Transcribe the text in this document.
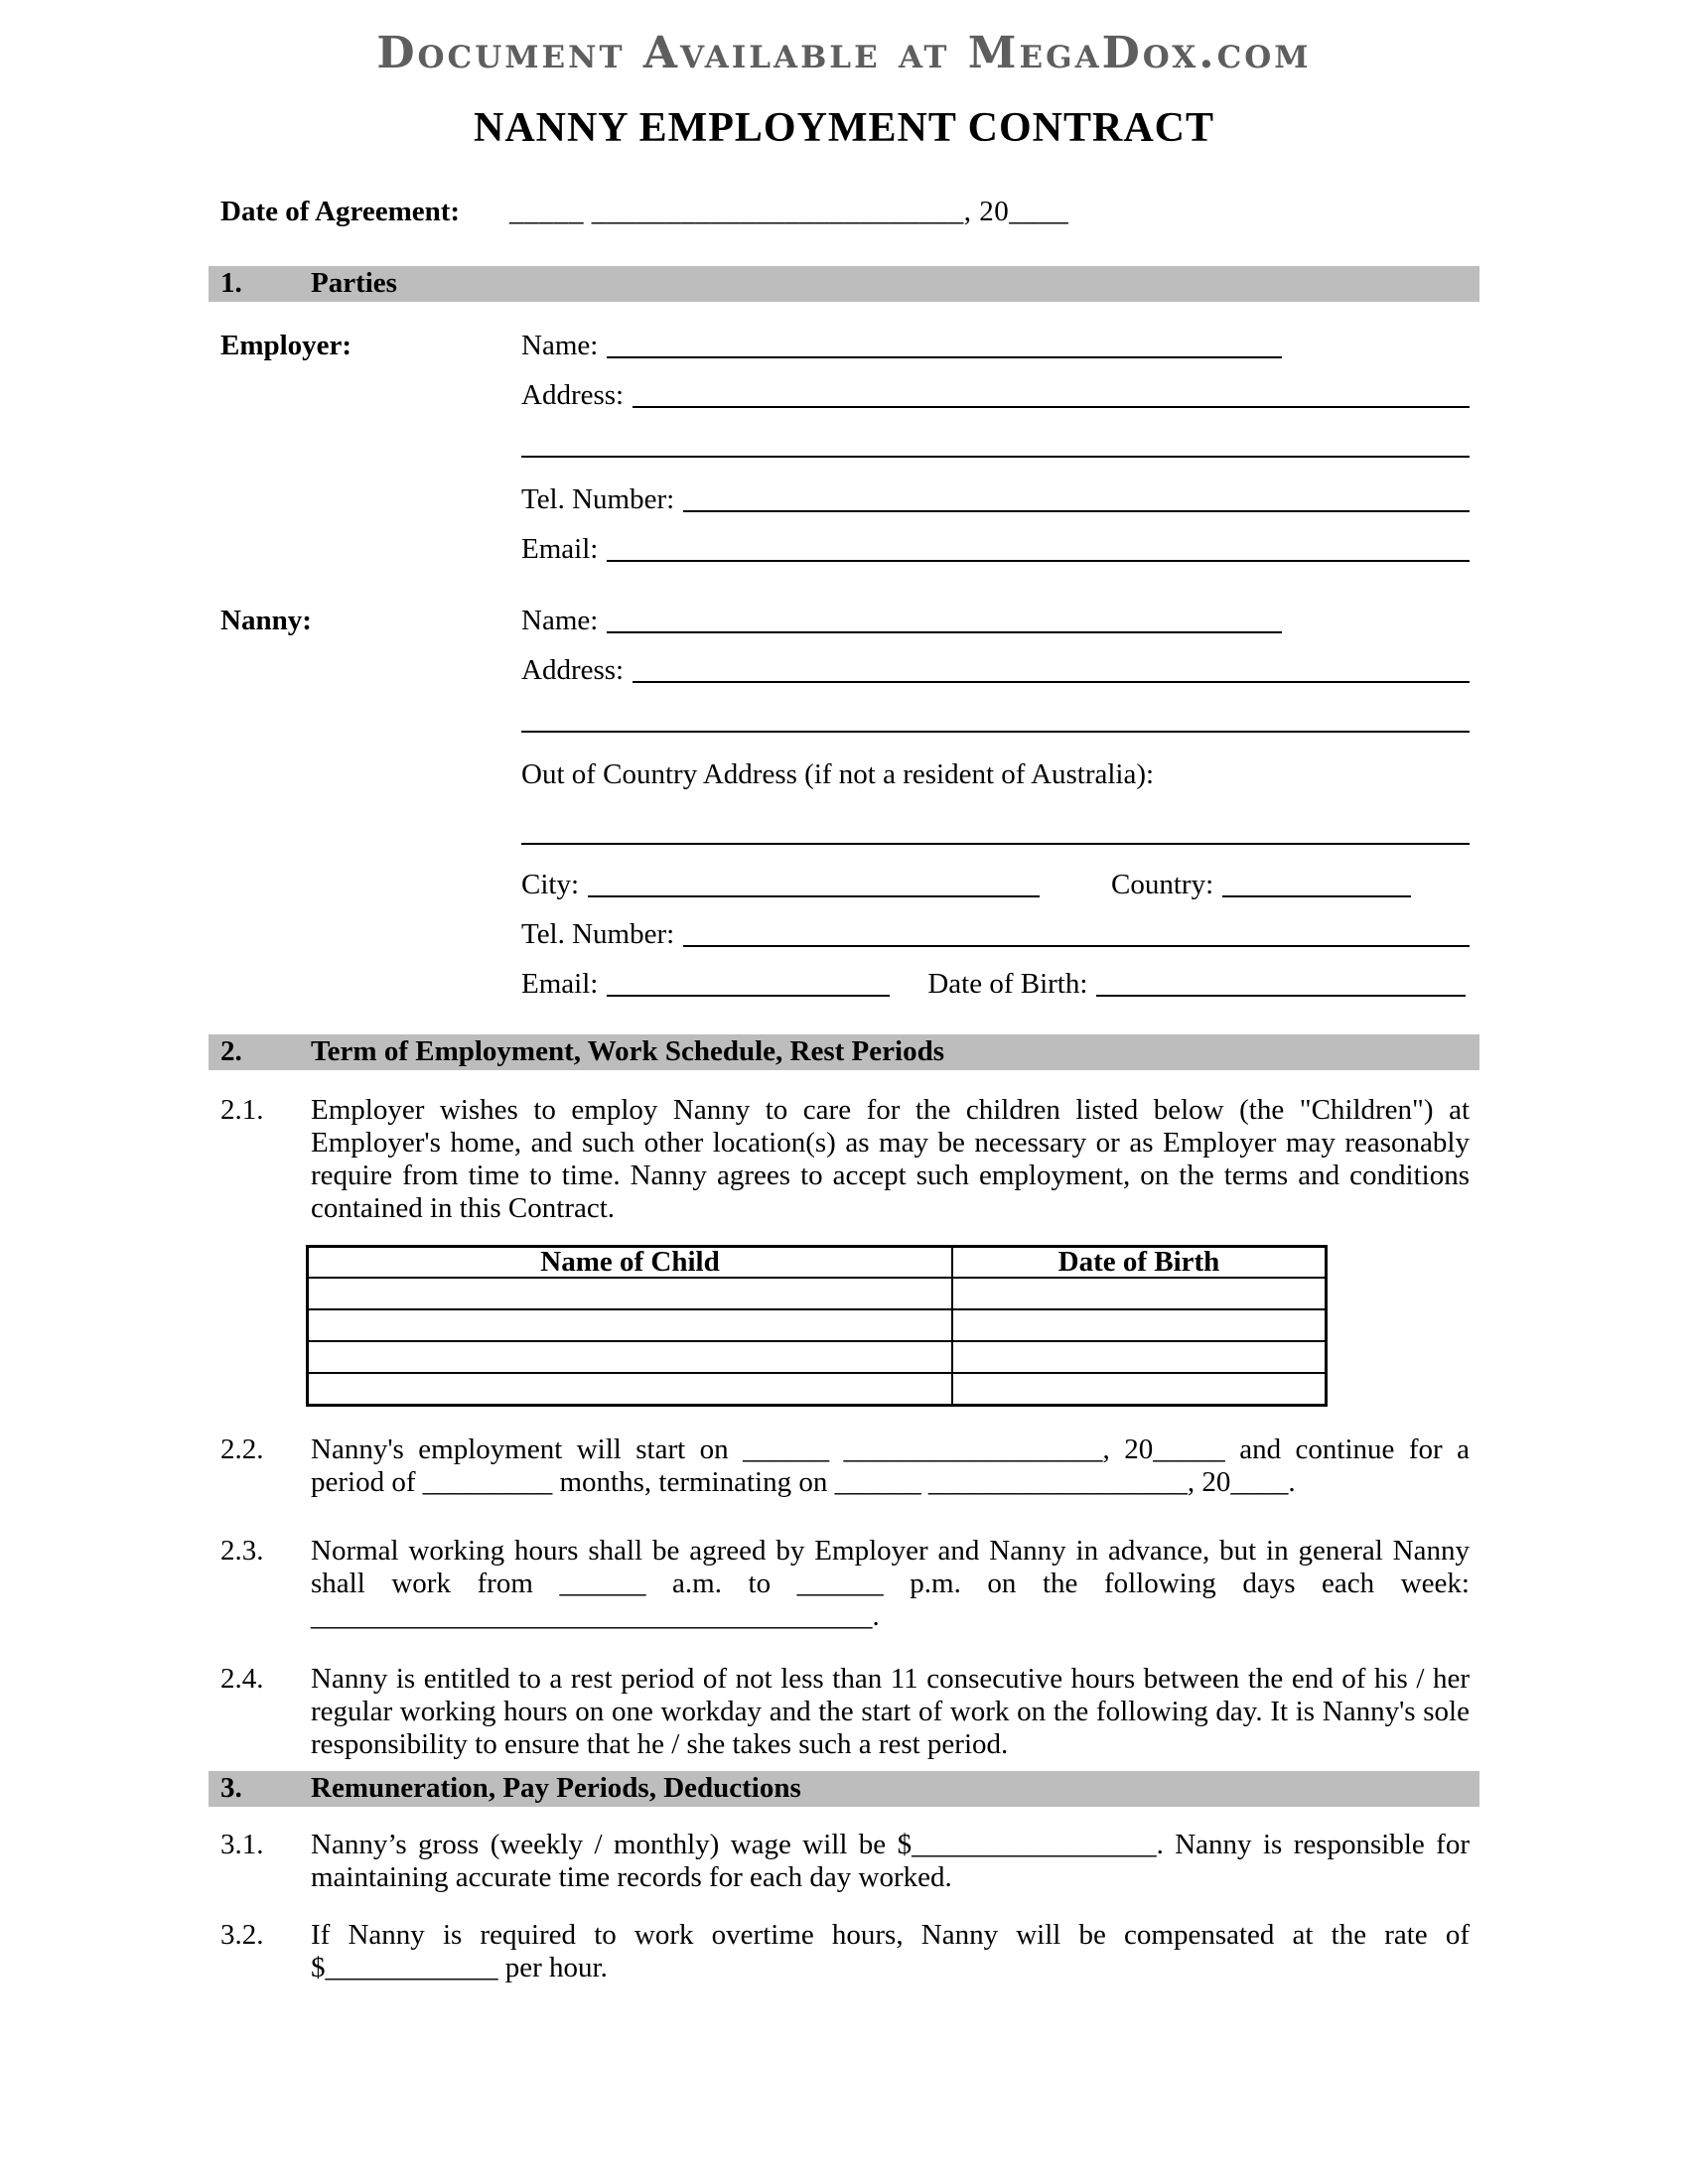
Document Available at MegaDox.com
NANNY EMPLOYMENT CONTRACT
Date of Agreement:	_____ _________________________, 20____
1.	Parties
Employer:	Name:
Address:
Tel. Number:
Email:
Nanny:	Name:
Address:
Out of Country Address (if not a resident of Australia):
City:	Country:
Tel. Number:
Email:	Date of Birth:
2.	Term of Employment, Work Schedule, Rest Periods
2.1.	Employer wishes to employ Nanny to care for the children listed below (the "Children") at Employer's home, and such other location(s) as may be necessary or as Employer may reasonably require from time to time. Nanny agrees to accept such employment, on the terms and conditions contained in this Contract.
Name of Child	Date of Birth

2.2.	Nanny's employment will start on ______ __________________, 20_____ and continue for a period of _________ months, terminating on ______ __________________, 20____.
2.3.	Normal working hours shall be agreed by Employer and Nanny in advance, but in general Nanny shall work from ______ a.m. to ______ p.m. on the following days each week: _______________________________________.
2.4.	Nanny is entitled to a rest period of not less than 11 consecutive hours between the end of his / her regular working hours on one workday and the start of work on the following day. It is Nanny's sole responsibility to ensure that he / she takes such a rest period.
3.	Remuneration, Pay Periods, Deductions
3.1.	Nanny’s gross (weekly / monthly) wage will be $_________________. Nanny is responsible for maintaining accurate time records for each day worked.
3.2.	If Nanny is required to work overtime hours, Nanny will be compensated at the rate of $____________ per hour.
